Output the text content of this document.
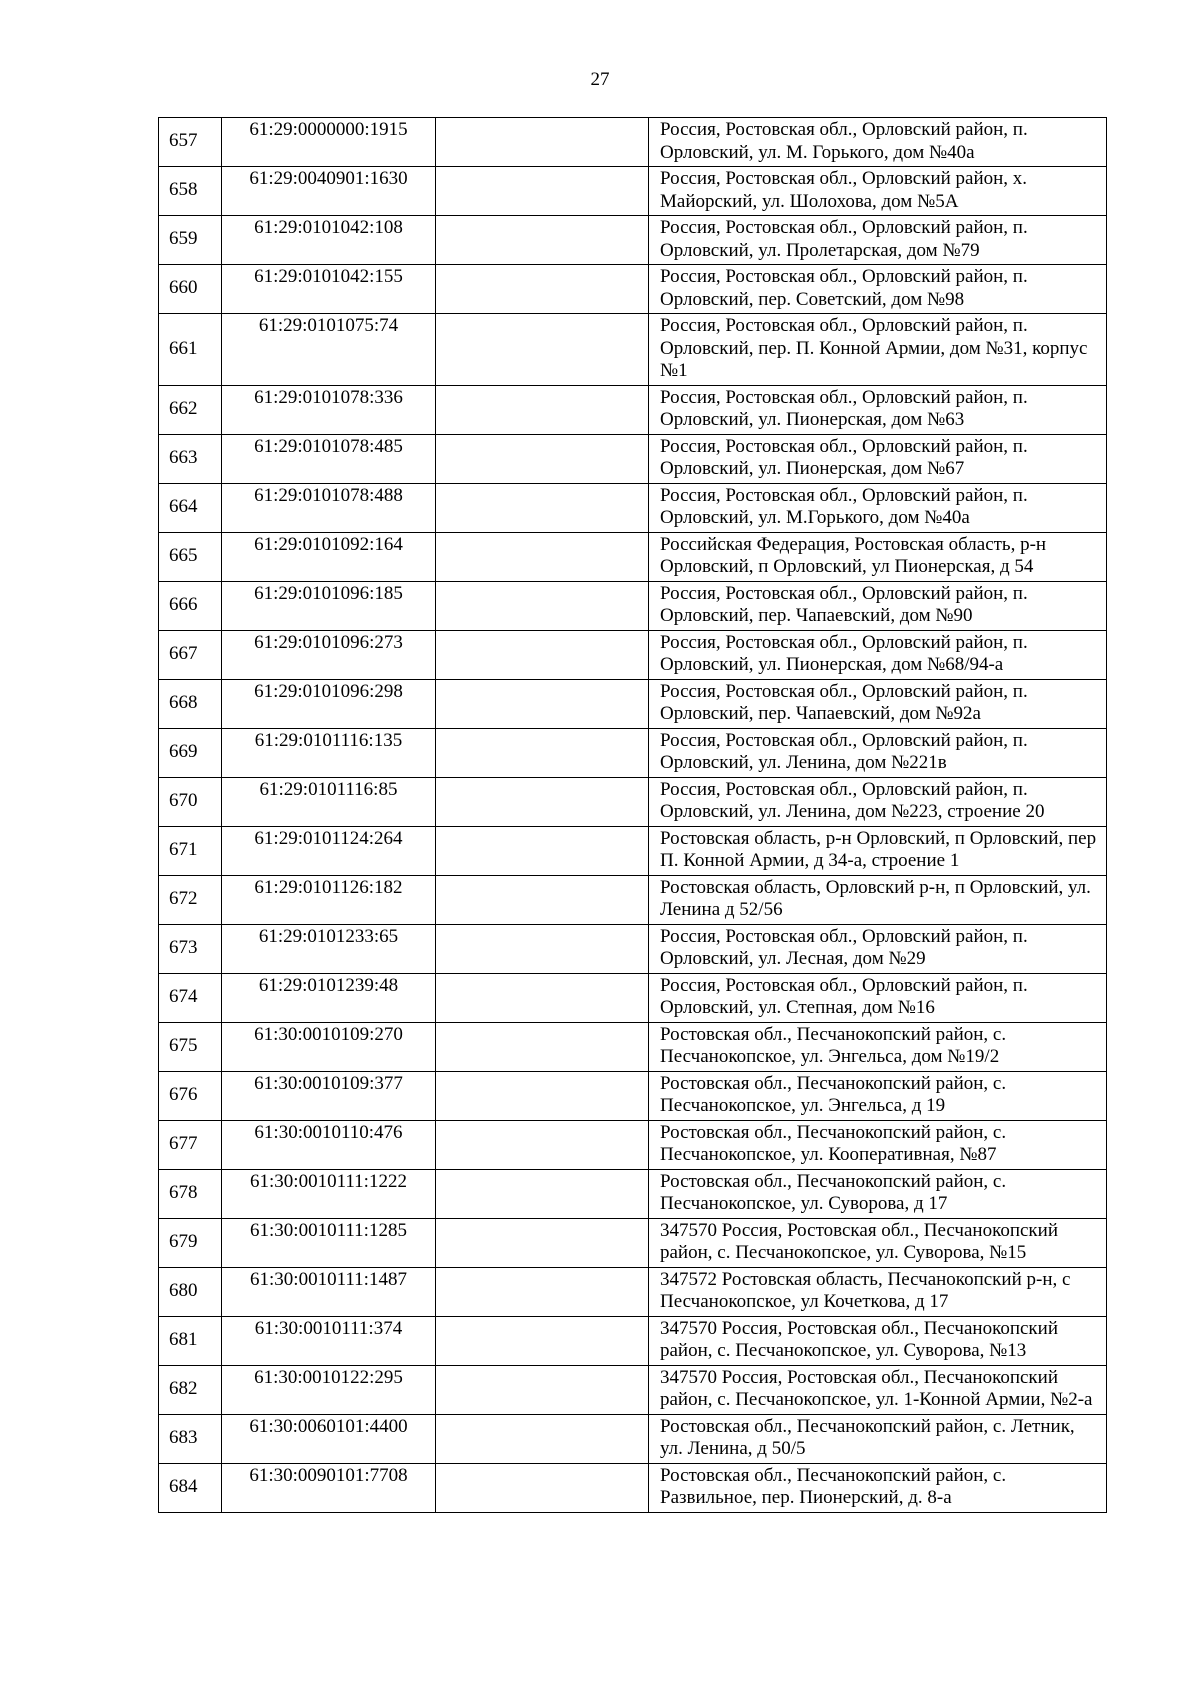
27
657	61:29:0000000:1915		Россия, Ростовская обл., Орловский район, п. Орловский, ул. М. Горького, дом №40а
658	61:29:0040901:1630		Россия, Ростовская обл., Орловский район, х. Майорский, ул. Шолохова, дом №5А
659	61:29:0101042:108		Россия, Ростовская обл., Орловский район, п. Орловский, ул. Пролетарская, дом №79
660	61:29:0101042:155		Россия, Ростовская обл., Орловский район, п. Орловский, пер. Советский, дом №98
661	61:29:0101075:74		Россия, Ростовская обл., Орловский район, п. Орловский, пер. П. Конной Армии, дом №31, корпус №1
662	61:29:0101078:336		Россия, Ростовская обл., Орловский район, п. Орловский, ул. Пионерская, дом №63
663	61:29:0101078:485		Россия, Ростовская обл., Орловский район, п. Орловский, ул. Пионерская, дом №67
664	61:29:0101078:488		Россия, Ростовская обл., Орловский район, п. Орловский, ул. М.Горького, дом №40а
665	61:29:0101092:164		Российская Федерация, Ростовская область, р-н Орловский, п Орловский, ул Пионерская, д 54
666	61:29:0101096:185		Россия, Ростовская обл., Орловский район, п. Орловский, пер. Чапаевский, дом №90
667	61:29:0101096:273		Россия, Ростовская обл., Орловский район, п. Орловский, ул. Пионерская, дом №68/94-а
668	61:29:0101096:298		Россия, Ростовская обл., Орловский район, п. Орловский, пер. Чапаевский, дом №92а
669	61:29:0101116:135		Россия, Ростовская обл., Орловский район, п. Орловский, ул. Ленина, дом №221в
670	61:29:0101116:85		Россия, Ростовская обл., Орловский район, п. Орловский, ул. Ленина, дом №223, строение 20
671	61:29:0101124:264		Ростовская область, р-н Орловский, п Орловский, пер П. Конной Армии, д 34-а, строение 1
672	61:29:0101126:182		Ростовская область, Орловский р-н, п Орловский, ул. Ленина д 52/56
673	61:29:0101233:65		Россия, Ростовская обл., Орловский район, п. Орловский, ул. Лесная, дом №29
674	61:29:0101239:48		Россия, Ростовская обл., Орловский район, п. Орловский, ул. Степная, дом №16
675	61:30:0010109:270		Ростовская обл., Песчанокопский район, с. Песчанокопское, ул. Энгельса, дом №19/2
676	61:30:0010109:377		Ростовская обл., Песчанокопский район, с. Песчанокопское, ул. Энгельса, д 19
677	61:30:0010110:476		Ростовская обл., Песчанокопский район, с. Песчанокопское, ул. Кооперативная, №87
678	61:30:0010111:1222		Ростовская обл., Песчанокопский район, с. Песчанокопское, ул. Суворова, д 17
679	61:30:0010111:1285		347570 Россия, Ростовская обл., Песчанокопский район, с. Песчанокопское, ул. Суворова, №15
680	61:30:0010111:1487		347572 Ростовская область, Песчанокопский р-н, с Песчанокопское, ул Кочеткова, д 17
681	61:30:0010111:374		347570 Россия, Ростовская обл., Песчанокопский район, с. Песчанокопское, ул. Суворова, №13
682	61:30:0010122:295		347570 Россия, Ростовская обл., Песчанокопский район, с. Песчанокопское, ул. 1-Конной Армии, №2-а
683	61:30:0060101:4400		Ростовская обл., Песчанокопский район, с. Летник, ул. Ленина, д 50/5
684	61:30:0090101:7708		Ростовская обл., Песчанокопский район, с. Развильное, пер. Пионерский, д. 8-а
